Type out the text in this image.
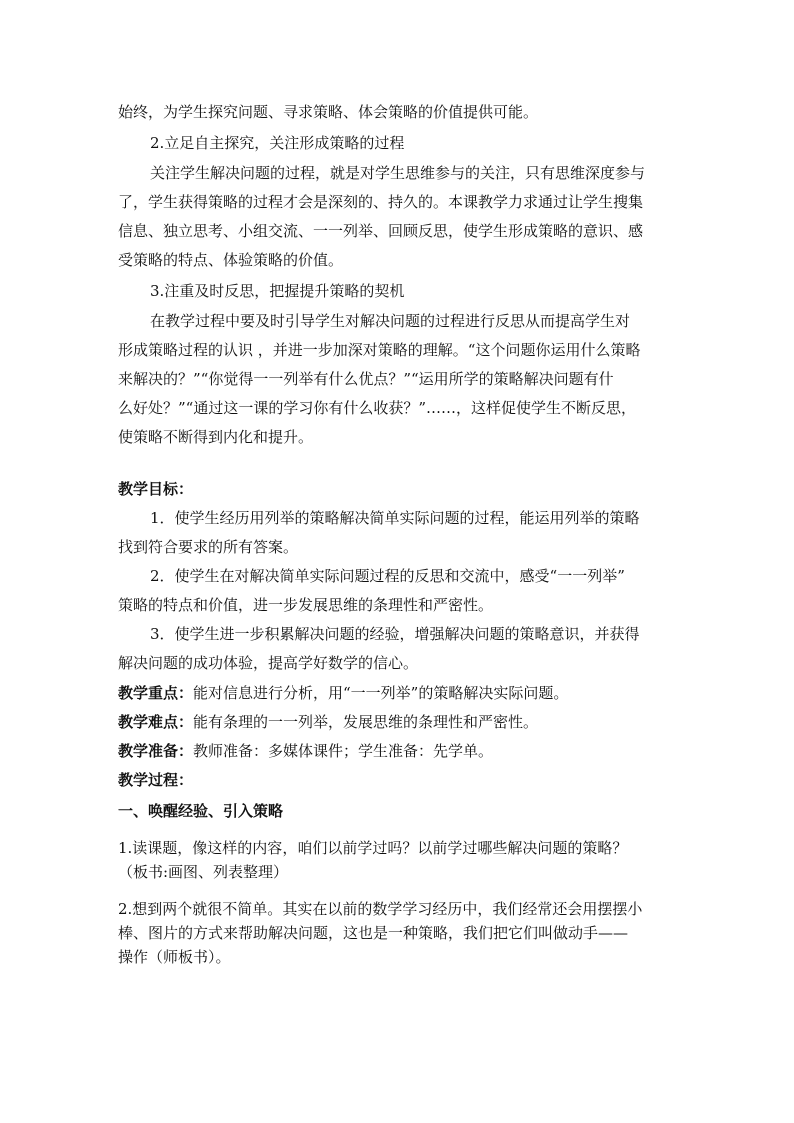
始终，为学生探究问题、寻求策略、体会策略的价值提供可能。
2.立足自主探究，关注形成策略的过程
关注学生解决问题的过程，就是对学生思维参与的关注，只有思维深度参与
了，学生获得策略的过程才会是深刻的、持久的。本课教学力求通过让学生搜集
信息、独立思考、小组交流、一一列举、回顾反思，使学生形成策略的意识、感
受策略的特点、体验策略的价值。
3.注重及时反思，把握提升策略的契机
在教学过程中要及时引导学生对解决问题的过程进行反思从而提高学生对
形成策略过程的认识 ，并进一步加深对策略的理解。“这个问题你运用什么策略
来解决的？”“你觉得一一列举有什么优点？”“运用所学的策略解决问题有什
么好处？”“通过这一课的学习你有什么收获？”……，这样促使学生不断反思，
使策略不断得到内化和提升。
教学目标：
1．使学生经历用列举的策略解决简单实际问题的过程，能运用列举的策略
找到符合要求的所有答案。
2．使学生在对解决简单实际问题过程的反思和交流中，感受“一一列举”
策略的特点和价值，进一步发展思维的条理性和严密性。
3．使学生进一步积累解决问题的经验，增强解决问题的策略意识，并获得
解决问题的成功体验，提高学好数学的信心。
教学重点：能对信息进行分析，用“一一列举”的策略解决实际问题。
教学难点：能有条理的一一列举，发展思维的条理性和严密性。
教学准备：教师准备：多媒体课件；学生准备：先学单。
教学过程：
一、唤醒经验、引入策略
1.读课题，像这样的内容，咱们以前学过吗？以前学过哪些解决问题的策略？
（板书:画图、列表整理）
2.想到两个就很不简单。其实在以前的数学学习经历中，我们经常还会用摆摆小
棒、图片的方式来帮助解决问题，这也是一种策略，我们把它们叫做动手——
操作（师板书）。
